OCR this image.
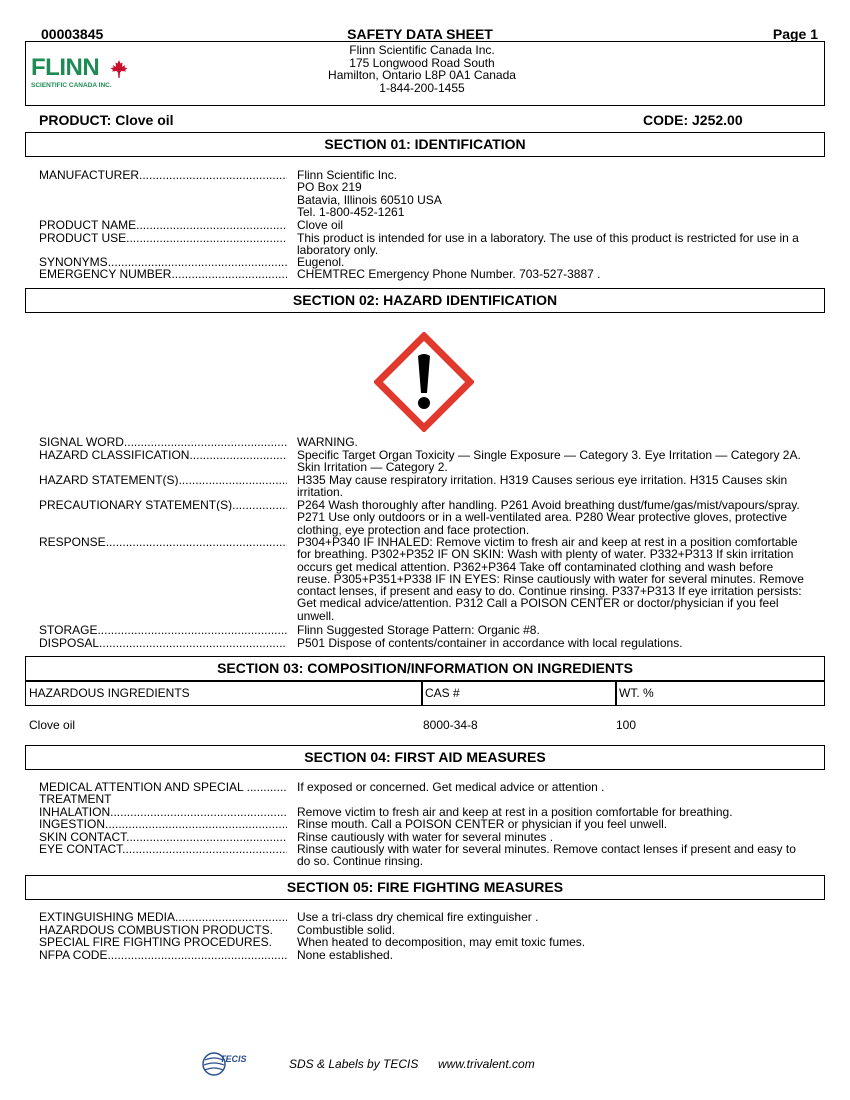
00003845	SAFETY DATA SHEET	Page 1
FLINN
SCIENTIFIC CANADA INC.
Flinn Scientific Canada Inc.
175 Longwood Road South
Hamilton, Ontario L8P 0A1 Canada
1-844-200-1455
PRODUCT: Clove oil	CODE: J252.00
SECTION 01: IDENTIFICATION
MANUFACTURER .....	Flinn Scientific Inc.
PO Box 219
Batavia, Illinois 60510 USA
Tel. 1-800-452-1261
PRODUCT NAME .....	Clove oil
PRODUCT USE .....	This product is intended for use in a laboratory. The use of this product is restricted for use in a laboratory only.
SYNONYMS .....	Eugenol.
EMERGENCY NUMBER .....	CHEMTREC Emergency Phone Number. 703-527-3887 .
SECTION 02: HAZARD IDENTIFICATION
SIGNAL WORD .....	WARNING.
HAZARD CLASSIFICATION .....	Specific Target Organ Toxicity — Single Exposure — Category 3. Eye Irritation — Category 2A. Skin Irritation — Category 2.
HAZARD STATEMENT(S) .....	H335 May cause respiratory irritation. H319 Causes serious eye irritation. H315 Causes skin irritation.
PRECAUTIONARY STATEMENT(S) .....	P264 Wash thoroughly after handling. P261 Avoid breathing dust/fume/gas/mist/vapours/spray. P271 Use only outdoors or in a well-ventilated area. P280 Wear protective gloves, protective clothing, eye protection and face protection.
RESPONSE .....	P304+P340 IF INHALED: Remove victim to fresh air and keep at rest in a position comfortable for breathing. P302+P352 IF ON SKIN: Wash with plenty of water. P332+P313 If skin irritation occurs get medical attention. P362+P364 Take off contaminated clothing and wash before reuse. P305+P351+P338 IF IN EYES: Rinse cautiously with water for several minutes. Remove contact lenses, if present and easy to do. Continue rinsing. P337+P313 If eye irritation persists: Get medical advice/attention. P312 Call a POISON CENTER or doctor/physician if you feel unwell.
STORAGE .....	Flinn Suggested Storage Pattern: Organic #8.
DISPOSAL .....	P501 Dispose of contents/container in accordance with local regulations.
SECTION 03: COMPOSITION/INFORMATION ON INGREDIENTS
HAZARDOUS INGREDIENTS	CAS #	WT. %
Clove oil	8000-34-8	100
SECTION 04: FIRST AID MEASURES
MEDICAL ATTENTION AND SPECIAL .....	If exposed or concerned. Get medical advice or attention .
TREATMENT
INHALATION .....	Remove victim to fresh air and keep at rest in a position comfortable for breathing.
INGESTION .....	Rinse mouth. Call a POISON CENTER or physician if you feel unwell.
SKIN CONTACT .....	Rinse cautiously with water for several minutes .
EYE CONTACT .....	Rinse cautiously with water for several minutes. Remove contact lenses if present and easy to do so. Continue rinsing.
SECTION 05: FIRE FIGHTING MEASURES
EXTINGUISHING MEDIA .....	Use a tri-class dry chemical fire extinguisher .
HAZARDOUS COMBUSTION PRODUCTS. Combustible solid.
SPECIAL FIRE FIGHTING PROCEDURES. When heated to decomposition, may emit toxic fumes.
NFPA CODE .....	None established.
TECIS	SDS & Labels by TECIS www.trivalent.com
